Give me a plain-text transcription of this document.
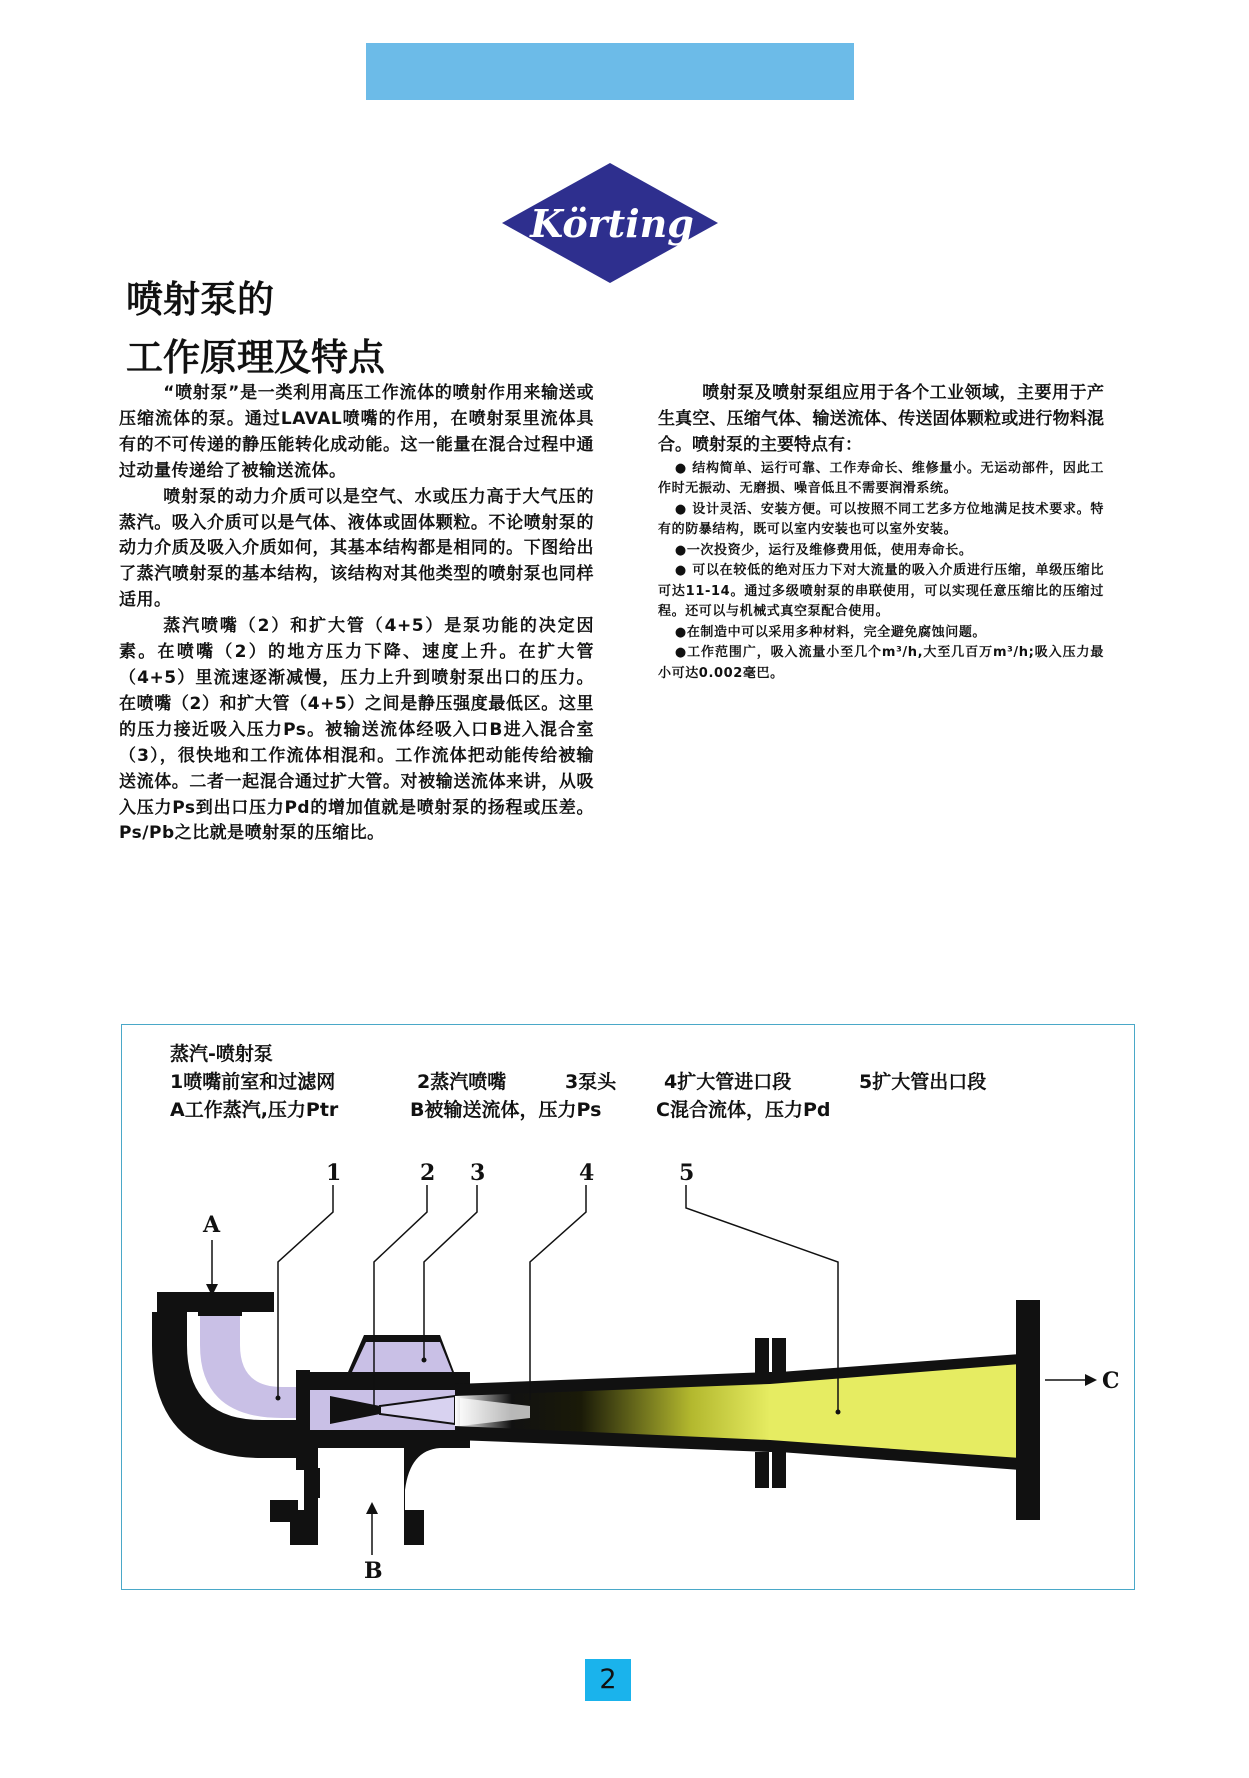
Körting
喷射泵的
工作原理及特点

“喷射泵”是一类利用高压工作流体的喷射作用来输送或压缩流体的泵。通过LAVAL喷嘴的作用，在喷射泵里流体具有的不可传递的静压能转化成动能。这一能量在混合过程中通过动量传递给了被输送流体。

喷射泵的动力介质可以是空气、水或压力高于大气压的蒸汽。吸入介质可以是气体、液体或固体颗粒。不论喷射泵的动力介质及吸入介质如何，其基本结构都是相同的。下图给出了蒸汽喷射泵的基本结构，该结构对其他类型的喷射泵也同样适用。

蒸汽喷嘴（2）和扩大管（4+5）是泵功能的决定因素。在喷嘴（2）的地方压力下降、速度上升。在扩大管（4+5）里流速逐渐减慢，压力上升到喷射泵出口的压力。在喷嘴（2）和扩大管（4+5）之间是静压强度最低区。这里的压力接近吸入压力Ps。被输送流体经吸入口B进入混合室（3），很快地和工作流体相混和。工作流体把动能传给被输送流体。二者一起混合通过扩大管。对被输送流体来讲，从吸入压力Ps到出口压力Pd的增加值就是喷射泵的扬程或压差。Ps/Pb之比就是喷射泵的压缩比。

喷射泵及喷射泵组应用于各个工业领域，主要用于产生真空、压缩气体、输送流体、传送固体颗粒或进行物料混合。喷射泵的主要特点有：

● 结构简单、运行可靠、工作寿命长、维修量小。无运动部件，因此工作时无振动、无磨损、噪音低且不需要润滑系统。

● 设计灵活、安装方便。可以按照不同工艺多方位地满足技术要求。特有的防暴结构，既可以室内安装也可以室外安装。

●一次投资少，运行及维修费用低，使用寿命长。

● 可以在较低的绝对压力下对大流量的吸入介质进行压缩，单级压缩比可达11-14。通过多级喷射泵的串联使用，可以实现任意压缩比的压缩过程。还可以与机械式真空泵配合使用。

●在制造中可以采用多种材料，完全避免腐蚀问题。

●工作范围广，吸入流量小至几个m³/h,大至几百万m³/h;吸入压力最小可达0.002毫巴。

蒸汽-喷射泵
1喷嘴前室和过滤网	2蒸汽喷嘴	3泵头	4扩大管进口段	5扩大管出口段
A工作蒸汽,压力Ptr	B被输送流体，压力Ps	C混合流体，压力Pd
1	2 3	4	5
A
B
C
2
